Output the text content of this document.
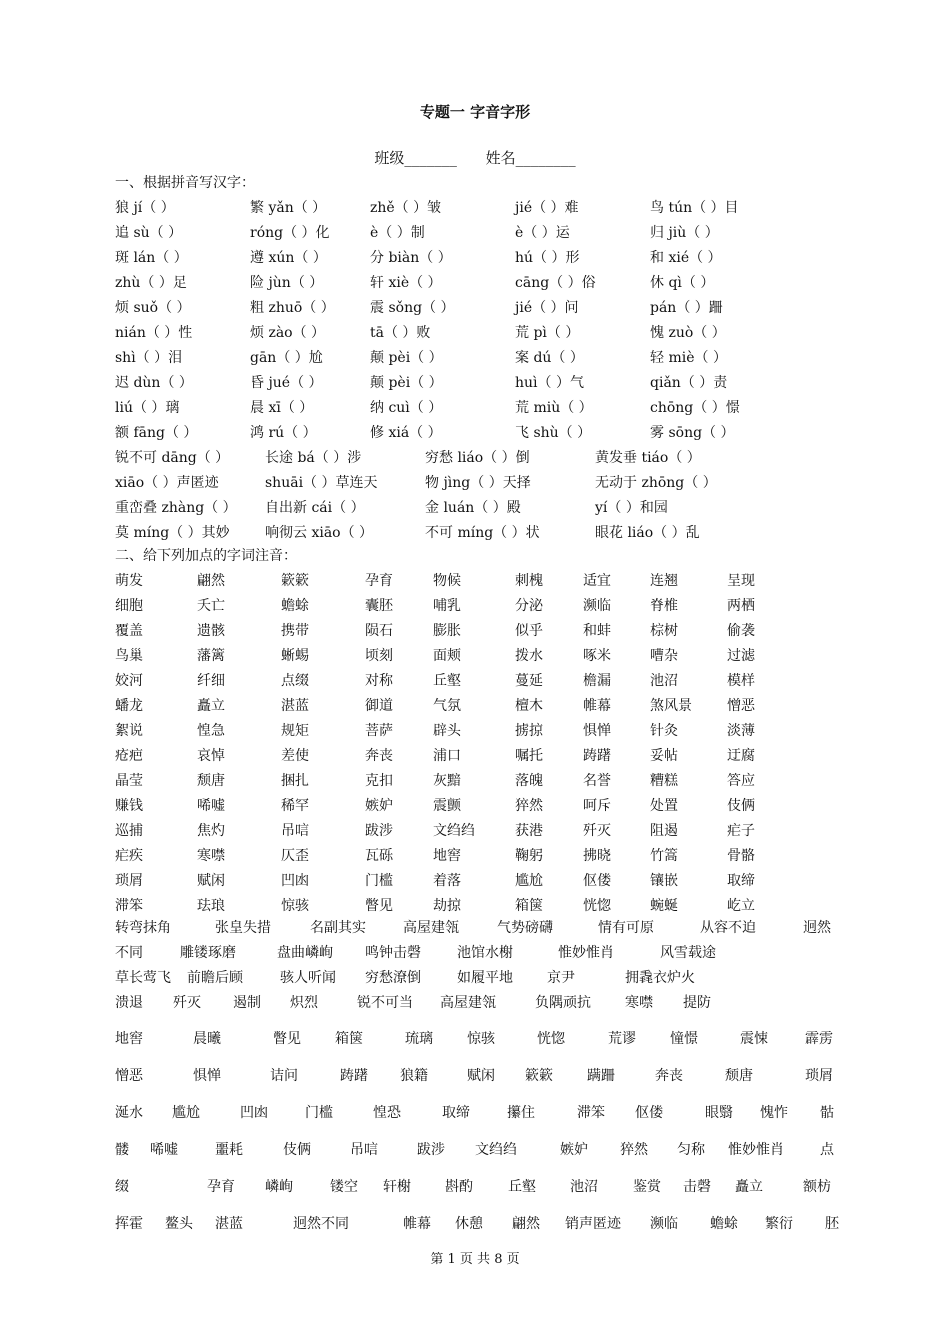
专题一 字音字形
班级_______ 姓名________
一、根据拼音写汉字：
狼 jí（ ）	繁 yǎn（ ）	zhě（ ）皱	jié（ ）难	鸟 tún（ ）目
追 sù（ ）	róng（ ）化	è（ ）制	è（ ）运	归 jiù（ ）
斑 lán（ ）	遵 xún（ ）	分 biàn（ ）	hú（ ）形	和 xié（ ）
zhù（ ）足	险 jùn（ ）	轩 xiè（ ）	cāng（ ）俗	休 qì（ ）
烦 suǒ（ ）	粗 zhuō（ ）	震 sǒng（ ）	jié（ ）问	pán（ ）跚
nián（ ）性	烦 zào（ ）	tā（ ）败	荒 pì（ ）	愧 zuò（ ）
shì（ ）泪	gān（ ）尬	颠 pèi（ ）	案 dú（ ）	轻 miè（ ）
迟 dùn（ ）	昏 jué（ ）	颠 pèi（ ）	huì（ ）气	qiǎn（ ）责
liú（ ）璃	晨 xī（ ）	纳 cuì（ ）	荒 miù（ ）	chōng（ ）憬
额 fāng（ ）	鸿 rú（ ）	修 xiá（ ）	飞 shù（ ）	雾 sōng（ ）
锐不可 dāng（ ）	长途 bá（ ）涉	穷愁 liáo（ ）倒	黄发垂 tiáo（ ）
xiāo（ ）声匿迹	shuāi（ ）草连天	物 jìng（ ）天择	无动于 zhōng（ ）
重峦叠 zhàng（ ） 自出新 cái（ ）	金 luán（ ）殿	yí（ ）和园
莫 míng（ ）其妙	响彻云 xiāo（ ）	不可 míng（ ）状	眼花 liáo（ ）乱
二、给下列加点的字词注音：
萌发	翩然	簌簌	孕育	物候	刺槐	适宜	连翘	呈现
细胞	夭亡	蟾蜍	囊胚	哺乳	分泌	濒临	脊椎	两栖
覆盖	遗骸	携带	陨石	膨胀	似乎	和蚌	棕树	偷袭
鸟巢	藩篱	蜥蜴	顷刻	面颊	拨水	啄米	嘈杂	过滤
姣河	纤细	点缀	对称	丘壑	蔓延	檐漏	池沼	模样
蟠龙	矗立	湛蓝	御道	气氛	檀木	帷幕	煞风景	憎恶
絮说	惶急	规矩	菩萨	辟头	掳掠	惧惮	针灸	淡薄
疮疤	哀悼	差使	奔丧	浦口	嘱托	踌躇	妥帖	迂腐
晶莹	颓唐	捆扎	克扣	灰黯	落魄	名誉	糟糕	答应
赚钱	唏嘘	稀罕	嫉妒	震颤	猝然	呵斥	处置	伎俩
巡捕	焦灼	吊唁	跋涉	文绉绉	获港	歼灭	阻遏	疟子
疟疾	寒噤	仄歪	瓦砾	地窖	鞠躬	拂晓	竹篙	骨骼
琐屑	赋闲	凹凼	门槛	着落	尴尬	伛偻	镶嵌	取缔
滞笨	珐琅	惊骇	瞥见	劫掠	箱箧	恍惚	蜿蜒	屹立
转弯抹角	张皇失措	名副其实	高屋建瓴	气势磅礴	情有可原	从容不迫	迥然
不同	雕镂琢磨	盘曲嶙峋 鸣钟击磬	池馆水榭	惟妙惟肖	风雪载途
草长莺飞 前瞻后顾	骇人听闻 穷愁潦倒	如履平地 京尹	拥毳衣炉火
溃退 歼灭 遏制 炽烈	锐不可当 高屋建瓴	负隅顽抗 寒噤 提防
地窖	晨曦	瞥见 箱箧	琉璃 惊骇	恍惚	荒谬 憧憬	震悚	霹雳
憎恶	惧惮	诘问	踌躇 狼籍	赋闲 簌簌 蹒跚	奔丧	颓唐	琐屑
涎水 尴尬	凹凼	门槛	惶恐	取缔	攥住	滞笨 伛偻	眼翳 愧怍 骷
髅 唏嘘	噩耗	伎俩	吊唁	跋涉 文绉绉	嫉妒 猝然 匀称 惟妙惟肖	点
缀	孕育 嶙峋	镂空 轩榭 斟酌	丘壑 池沼	鉴赏 击磬 矗立	额枋
挥霍 鳌头 湛蓝	迥然不同	帷幕 休憩 翩然 销声匿迹 濒临 蟾蜍 繁衍 胚
第 1 页 共 8 页
